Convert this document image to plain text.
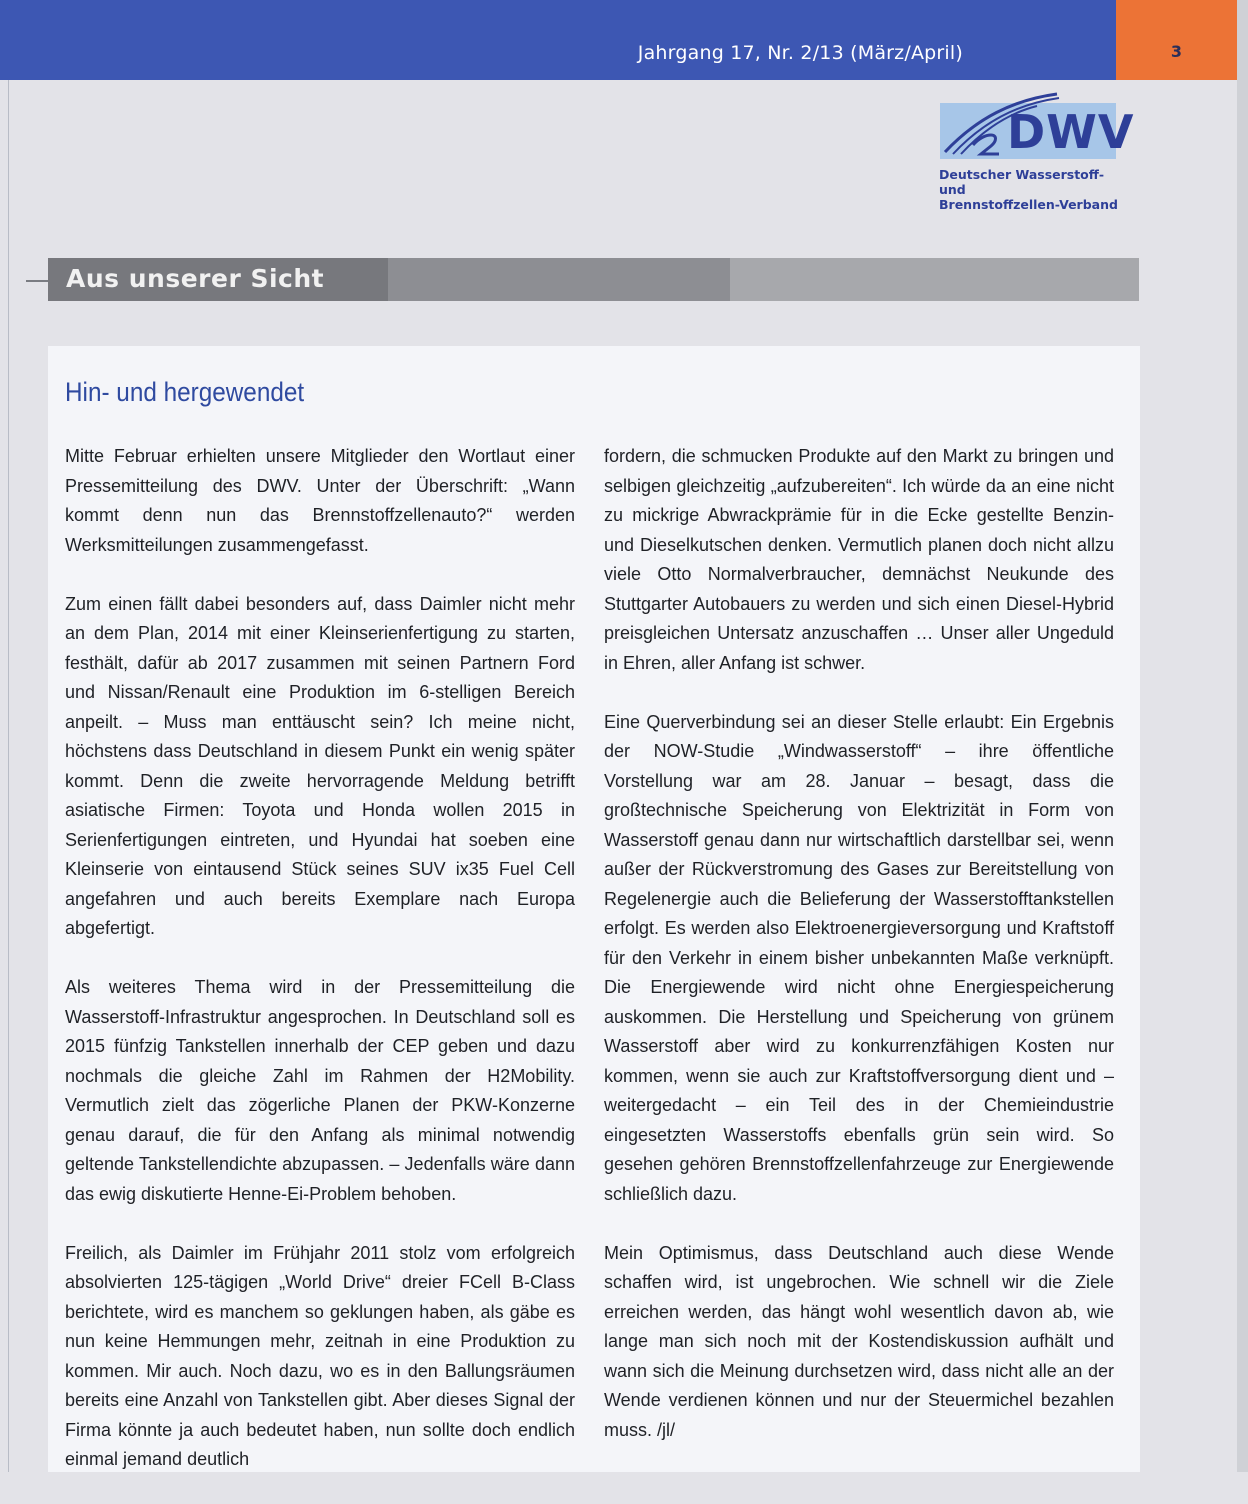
Jahrgang 17, Nr. 2/13 (März/April)	3
DWV
Deutscher Wasserstoff- und
Brennstoffzellen-Verband
Aus unserer Sicht
Hin- und hergewendet

Mitte Februar erhielten unsere Mitglieder den Wortlaut einer Pressemitteilung des DWV. Unter der Überschrift: „Wann kommt denn nun das Brennstoffzellenauto?“ werden Werksmitteilungen zusammengefasst.

Zum einen fällt dabei besonders auf, dass Daimler nicht mehr an dem Plan, 2014 mit einer Kleinserienfertigung zu starten, festhält, dafür ab 2017 zusammen mit seinen Partnern Ford und Nissan/Renault eine Produktion im 6-stelligen Bereich anpeilt. – Muss man enttäuscht sein? Ich meine nicht, höchstens dass Deutschland in diesem Punkt ein wenig später kommt. Denn die zweite hervorragende Meldung betrifft asiatische Firmen: Toyota und Honda wollen 2015 in Serienfertigungen eintreten, und Hyundai hat soeben eine Kleinserie von eintausend Stück seines SUV ix35 Fuel Cell angefahren und auch bereits Exemplare nach Europa abgefertigt.

Als weiteres Thema wird in der Pressemitteilung die Wasserstoff-Infrastruktur angesprochen. In Deutschland soll es 2015 fünfzig Tankstellen innerhalb der CEP geben und dazu nochmals die gleiche Zahl im Rahmen der H2Mobility. Vermutlich zielt das zögerliche Planen der PKW-Konzerne genau darauf, die für den Anfang als minimal notwendig geltende Tankstellendichte abzupassen. – Jedenfalls wäre dann das ewig diskutierte Henne-Ei-Problem behoben.

Freilich, als Daimler im Frühjahr 2011 stolz vom erfolgreich absolvierten 125-tägigen „World Drive“ dreier FCell B-Class berichtete, wird es manchem so geklungen haben, als gäbe es nun keine Hemmungen mehr, zeitnah in eine Produktion zu kommen. Mir auch. Noch dazu, wo es in den Ballungsräumen bereits eine Anzahl von Tankstellen gibt. Aber dieses Signal der Firma könnte ja auch bedeutet haben, nun sollte doch endlich einmal jemand deutlich

fordern, die schmucken Produkte auf den Markt zu bringen und selbigen gleichzeitig „aufzubereiten“. Ich würde da an eine nicht zu mickrige Abwrackprämie für in die Ecke gestellte Benzin- und Dieselkutschen denken. Vermutlich planen doch nicht allzu viele Otto Normalverbraucher, demnächst Neukunde des Stuttgarter Autobauers zu werden und sich einen Diesel-Hybrid preisgleichen Untersatz anzuschaffen … Unser aller Ungeduld in Ehren, aller Anfang ist schwer.

Eine Querverbindung sei an dieser Stelle erlaubt: Ein Ergebnis der NOW-Studie „Windwasserstoff“ – ihre öffentliche Vorstellung war am 28. Januar – besagt, dass die großtechnische Speicherung von Elektrizität in Form von Wasserstoff genau dann nur wirtschaftlich darstellbar sei, wenn außer der Rückverstromung des Gases zur Bereitstellung von Regelenergie auch die Belieferung der Wasserstofftankstellen erfolgt. Es werden also Elektroenergieversorgung und Kraftstoff für den Verkehr in einem bisher unbekannten Maße verknüpft. Die Energiewende wird nicht ohne Energiespeicherung auskommen. Die Herstellung und Speicherung von grünem Wasserstoff aber wird zu konkurrenzfähigen Kosten nur kommen, wenn sie auch zur Kraftstoffversorgung dient und – weitergedacht – ein Teil des in der Chemieindustrie eingesetzten Wasserstoffs ebenfalls grün sein wird. So gesehen gehören Brennstoffzellenfahrzeuge zur Energiewende schließlich dazu.

Mein Optimismus, dass Deutschland auch diese Wende schaffen wird, ist ungebrochen. Wie schnell wir die Ziele erreichen werden, das hängt wohl wesentlich davon ab, wie lange man sich noch mit der Kostendiskussion aufhält und wann sich die Meinung durchsetzen wird, dass nicht alle an der Wende verdienen können und nur der Steuermichel bezahlen muss. /jl/
